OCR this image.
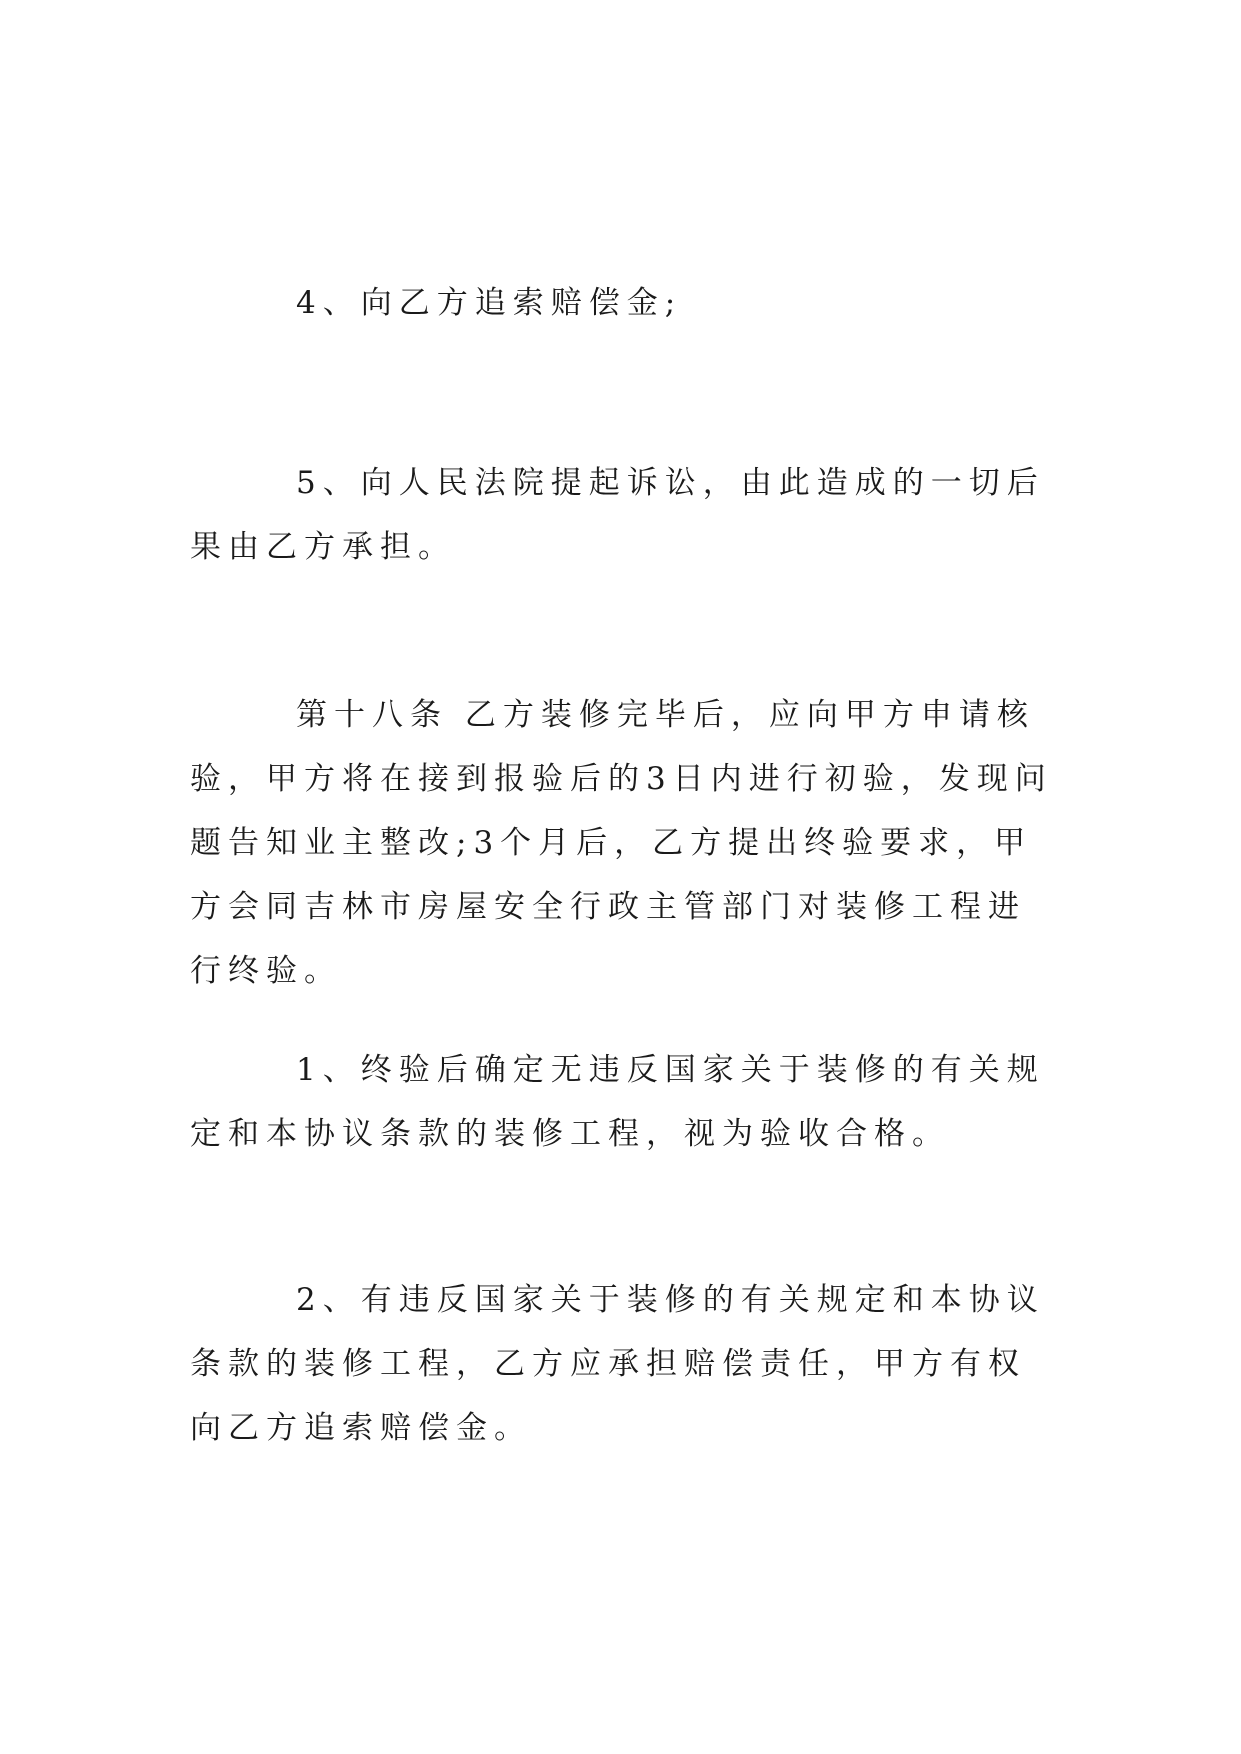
4、向乙方追索赔偿金;

5、向人民法院提起诉讼，由此造成的一切后果由乙方承担。

第十八条 乙方装修完毕后，应向甲方申请核验，甲方将在接到报验后的3日内进行初验，发现问题告知业主整改;3个月后，乙方提出终验要求，甲方会同吉林市房屋安全行政主管部门对装修工程进行终验。

1、终验后确定无违反国家关于装修的有关规定和本协议条款的装修工程，视为验收合格。

2、有违反国家关于装修的有关规定和本协议条款的装修工程，乙方应承担赔偿责任，甲方有权向乙方追索赔偿金。
